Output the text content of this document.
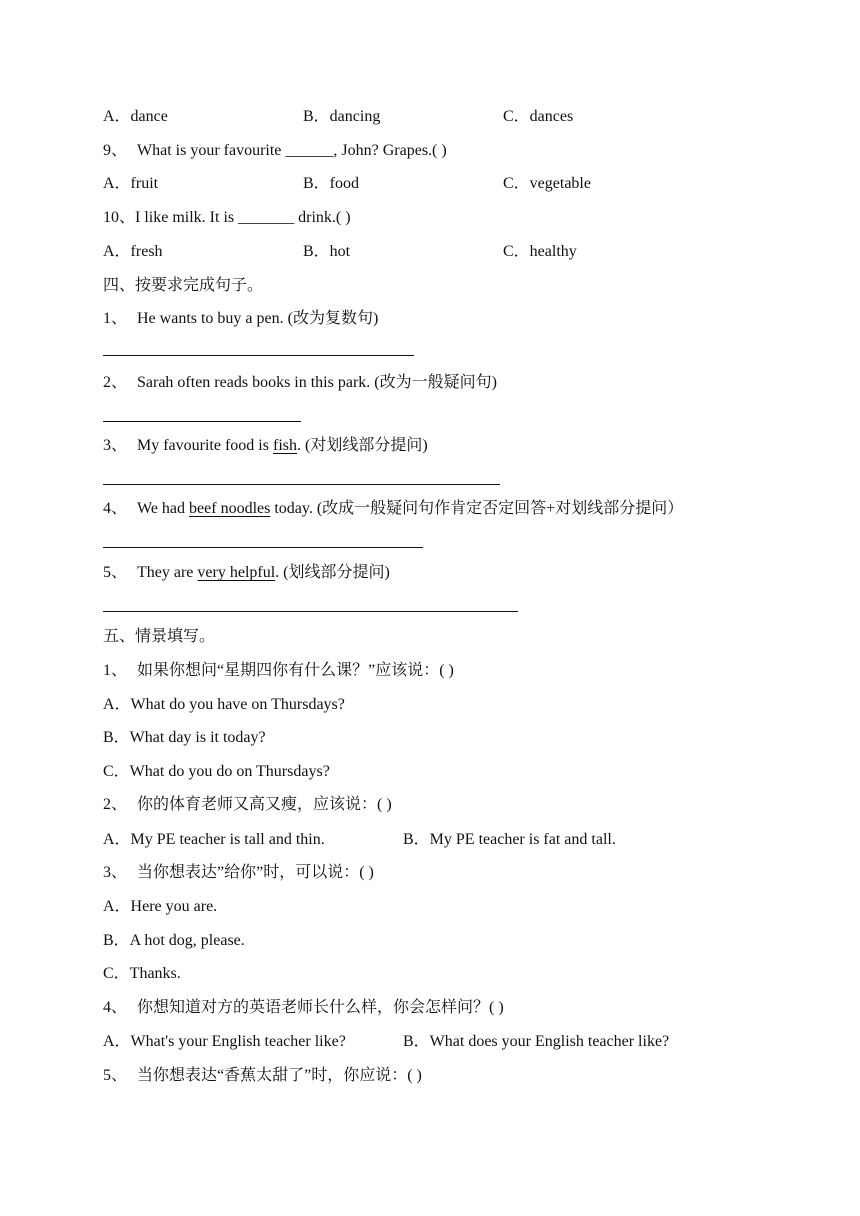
A．dance	B．dancing	C．dances
9、 What is your favourite ______, John? Grapes.( )
A．fruit	B．food	C．vegetable
10、I like milk. It is _______ drink.( )
A．fresh	B．hot	C．healthy
四、按要求完成句子。
1、 He wants to buy a pen. (改为复数句)
2、 Sarah often reads books in this park. (改为一般疑问句)
3、 My favourite food is fish. (对划线部分提问)
4、 We had beef noodles today. (改成一般疑问句作肯定否定回答+对划线部分提问）
5、 They are very helpful. (划线部分提问)
五、情景填写。
1、 如果你想问“星期四你有什么课？”应该说：( )
A．What do you have on Thursdays?
B．What day is it today?
C．What do you do on Thursdays?
2、 你的体育老师又高又瘦，应该说：( )
A．My PE teacher is tall and thin.	B．My PE teacher is fat and tall.
3、 当你想表达”给你”时，可以说：( )
A．Here you are.
B．A hot dog, please.
C．Thanks.
4、 你想知道对方的英语老师长什么样，你会怎样问？( )
A．What's your English teacher like?	B．What does your English teacher like?
5、 当你想表达“香蕉太甜了”时，你应说：( )
